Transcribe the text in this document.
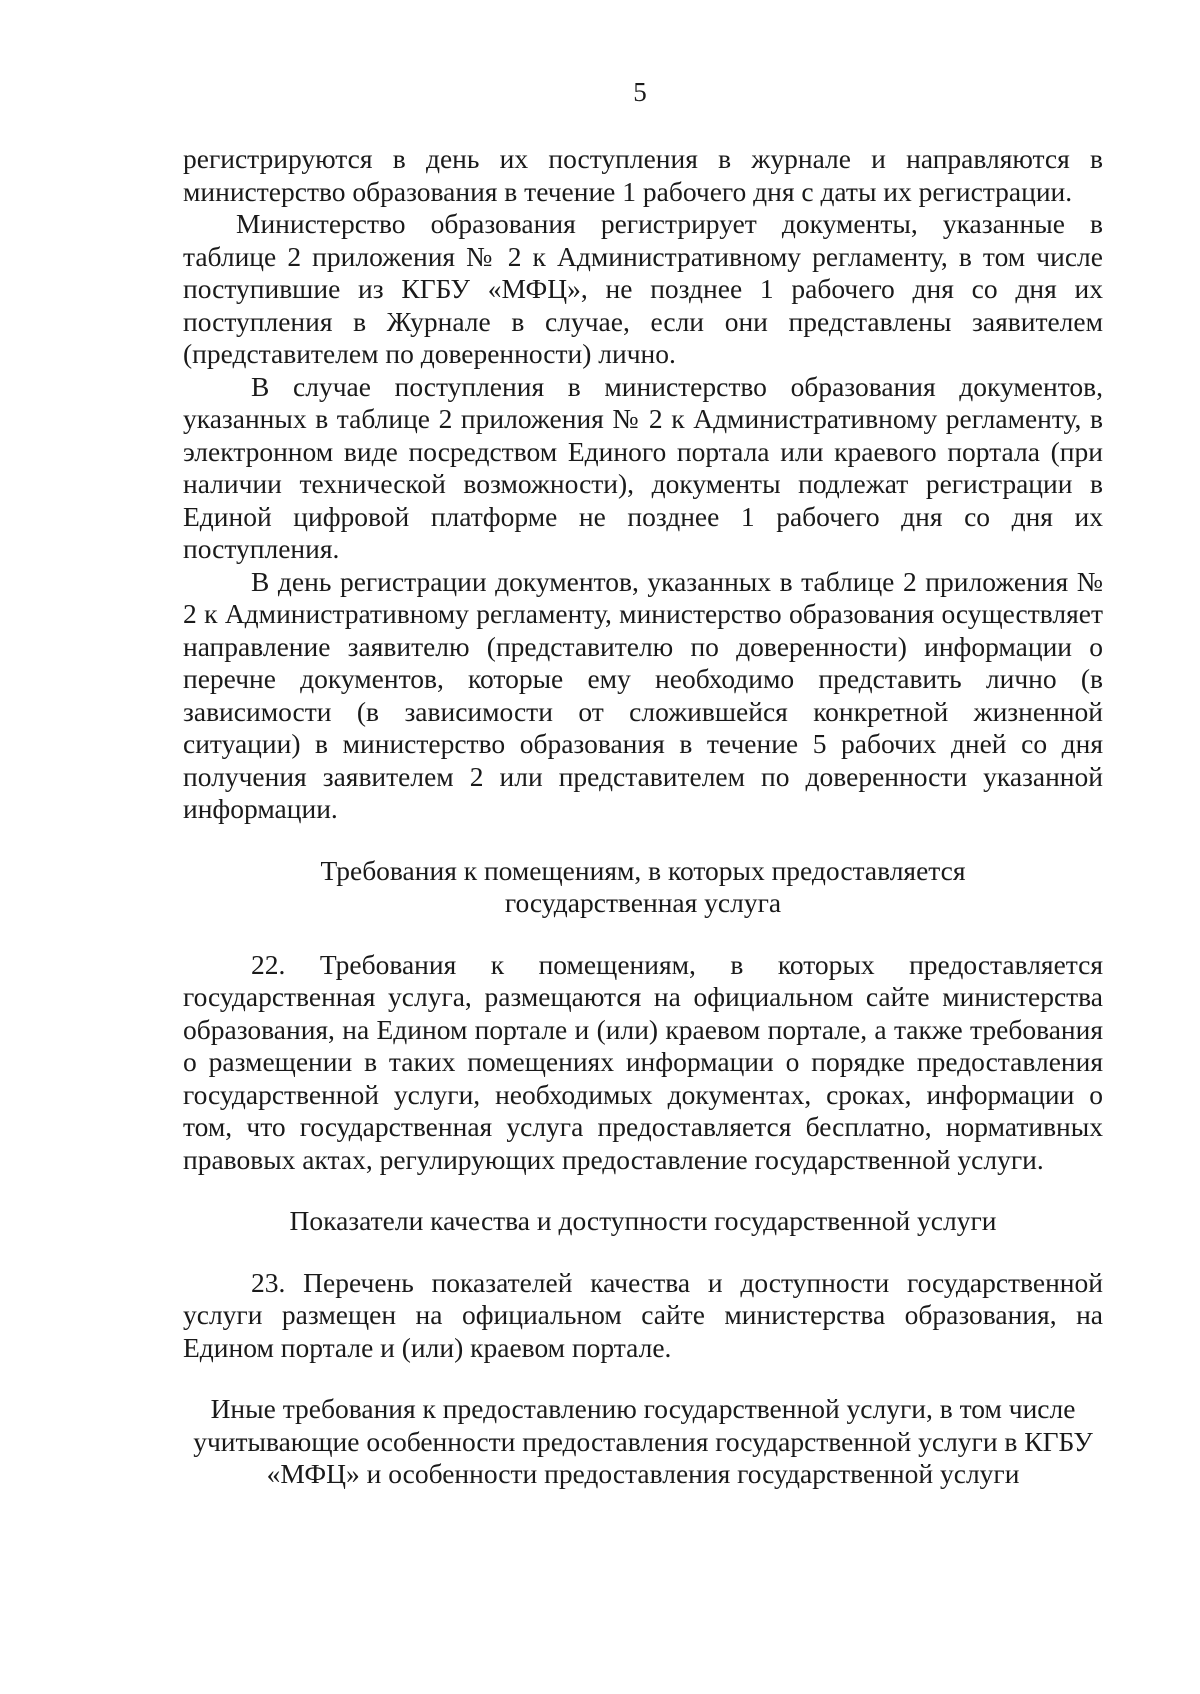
5

регистрируются в день их поступления в журнале и направляются в министерство образования в течение 1 рабочего дня с даты их регистрации.

Министерство образования регистрирует документы, указанные в таблице 2 приложения № 2 к Административному регламенту, в том числе поступившие из КГБУ «МФЦ», не позднее 1 рабочего дня со дня их поступления в Журнале в случае, если они представлены заявителем (представителем по доверенности) лично.

В случае поступления в министерство образования документов, указанных в таблице 2 приложения № 2 к Административному регламенту, в электронном виде посредством Единого портала или краевого портала (при наличии технической возможности), документы подлежат регистрации в Единой цифровой платформе не позднее 1 рабочего дня со дня их поступления.

В день регистрации документов, указанных в таблице 2 приложения № 2 к Административному регламенту, министерство образования осуществляет направление заявителю (представителю по доверенности) информации о перечне документов, которые ему необходимо представить лично (в зависимости (в зависимости от сложившейся конкретной жизненной ситуации) в министерство образования в течение 5 рабочих дней со дня получения заявителем 2 или представителем по доверенности указанной информации.

Требования к помещениям, в которых предоставляется государственная услуга

22. Требования к помещениям, в которых предоставляется государственная услуга, размещаются на официальном сайте министерства образования, на Едином портале и (или) краевом портале, а также требования о размещении в таких помещениях информации о порядке предоставления государственной услуги, необходимых документах, сроках, информации о том, что государственная услуга предоставляется бесплатно, нормативных правовых актах, регулирующих предоставление государственной услуги.

Показатели качества и доступности государственной услуги

23. Перечень показателей качества и доступности государственной услуги размещен на официальном сайте министерства образования, на Едином портале и (или) краевом портале.

Иные требования к предоставлению государственной услуги, в том числе учитывающие особенности предоставления государственной услуги в КГБУ «МФЦ» и особенности предоставления государственной услуги
